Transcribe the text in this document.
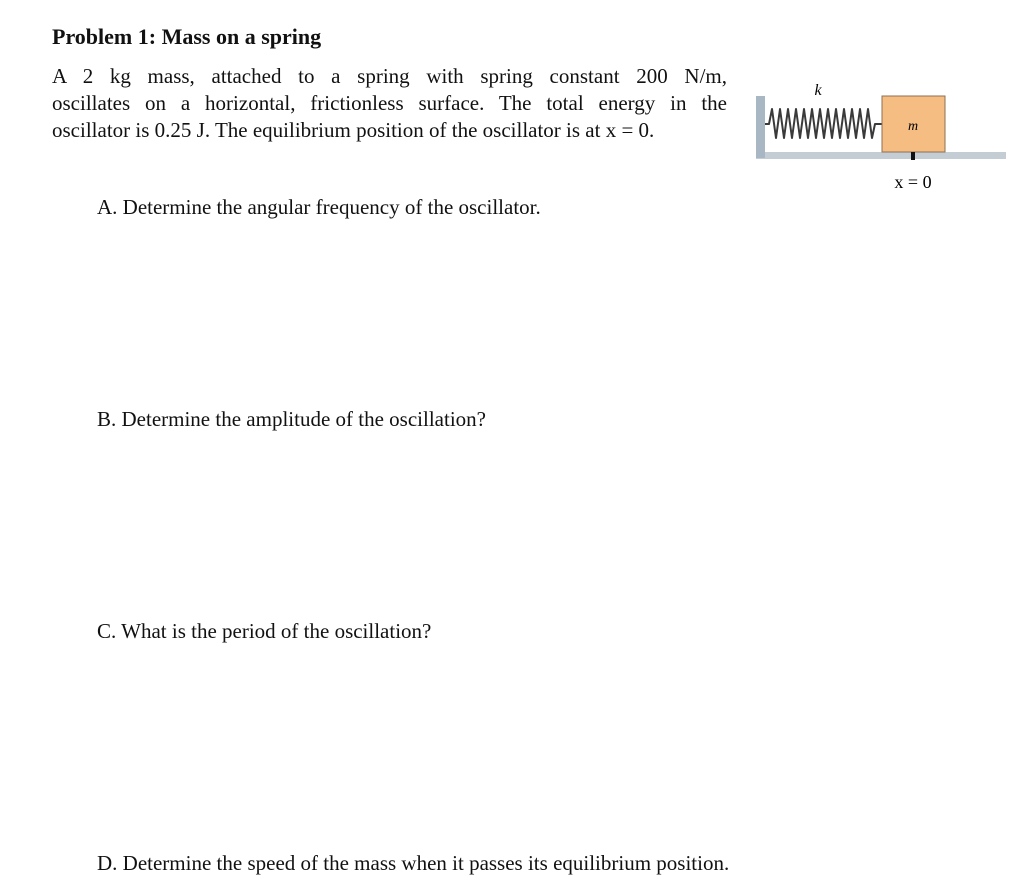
Problem 1: Mass on a spring
A 2 kg mass, attached to a spring with spring constant 200 N/m,
oscillates on a horizontal, frictionless surface. The total energy in the
oscillator is 0.25 J. The equilibrium position of the oscillator is at x = 0.
k
m
x = 0
A. Determine the angular frequency of the oscillator.
B. Determine the amplitude of the oscillation?
C. What is the period of the oscillation?
D. Determine the speed of the mass when it passes its equilibrium position.
